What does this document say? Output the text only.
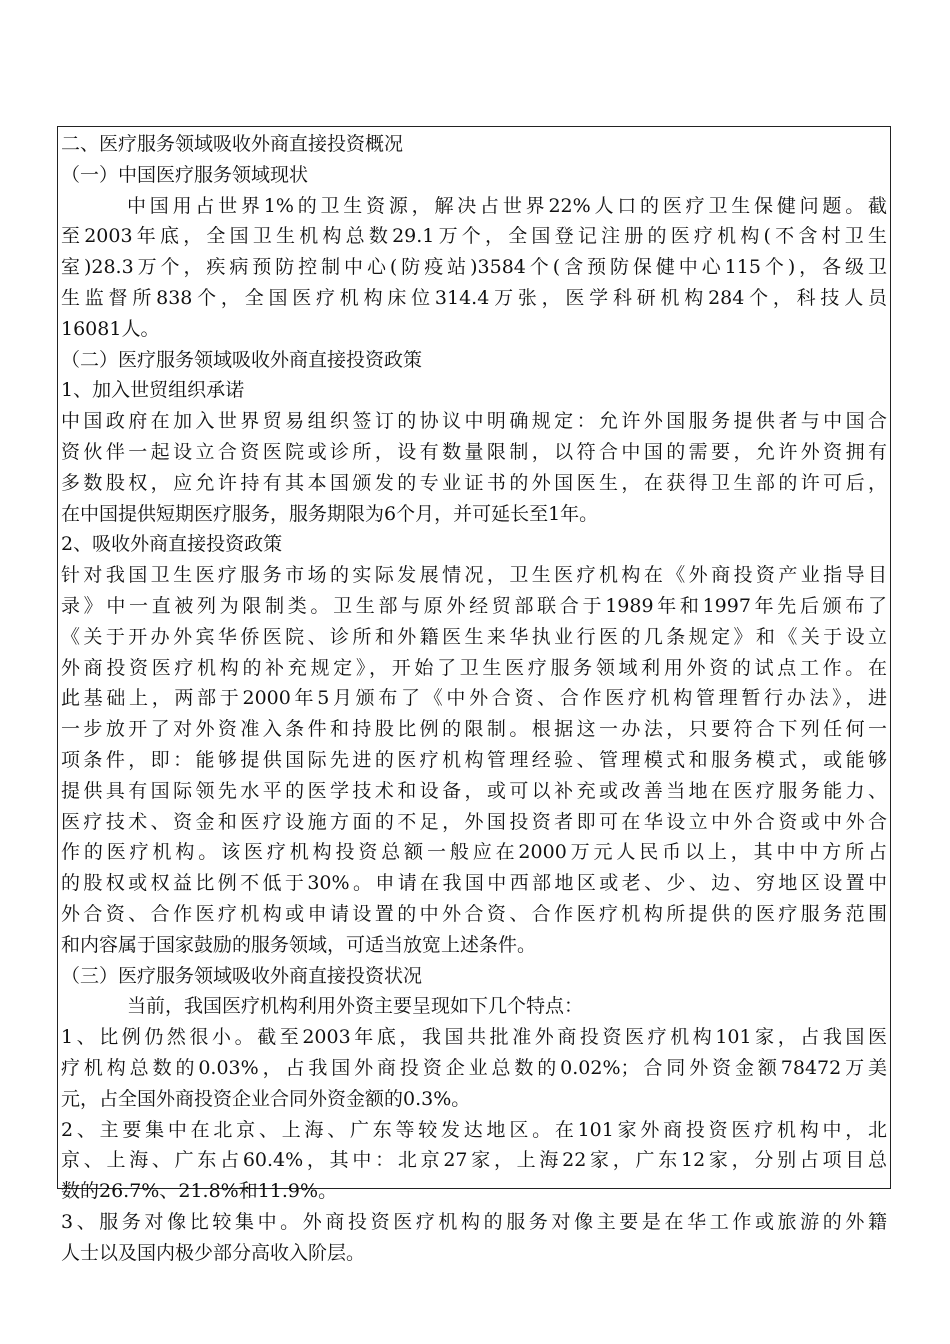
二、医疗服务领域吸收外商直接投资概况
（一）中国医疗服务领域现状
中国用占世界1%的卫生资源，解决占世界22%人口的医疗卫生保健问题。截
至2003年底，全国卫生机构总数29.1万个，全国登记注册的医疗机构(不含村卫生
室)28.3万个，疾病预防控制中心(防疫站)3584个(含预防保健中心115个)，各级卫
生监督所838个，全国医疗机构床位314.4万张，医学科研机构284个，科技人员
16081人。
（二）医疗服务领域吸收外商直接投资政策
1、加入世贸组织承诺
中国政府在加入世界贸易组织签订的协议中明确规定：允许外国服务提供者与中国合
资伙伴一起设立合资医院或诊所，设有数量限制，以符合中国的需要，允许外资拥有
多数股权，应允许持有其本国颁发的专业证书的外国医生，在获得卫生部的许可后，
在中国提供短期医疗服务，服务期限为6个月，并可延长至1年。
2、吸收外商直接投资政策
针对我国卫生医疗服务市场的实际发展情况，卫生医疗机构在《外商投资产业指导目
录》中一直被列为限制类。卫生部与原外经贸部联合于1989年和1997年先后颁布了
《关于开办外宾华侨医院、诊所和外籍医生来华执业行医的几条规定》和《关于设立
外商投资医疗机构的补充规定》，开始了卫生医疗服务领域利用外资的试点工作。在
此基础上，两部于2000年5月颁布了《中外合资、合作医疗机构管理暂行办法》，进
一步放开了对外资准入条件和持股比例的限制。根据这一办法，只要符合下列任何一
项条件，即：能够提供国际先进的医疗机构管理经验、管理模式和服务模式，或能够
提供具有国际领先水平的医学技术和设备，或可以补充或改善当地在医疗服务能力、
医疗技术、资金和医疗设施方面的不足，外国投资者即可在华设立中外合资或中外合
作的医疗机构。该医疗机构投资总额一般应在2000万元人民币以上，其中中方所占
的股权或权益比例不低于30%。申请在我国中西部地区或老、少、边、穷地区设置中
外合资、合作医疗机构或申请设置的中外合资、合作医疗机构所提供的医疗服务范围
和内容属于国家鼓励的服务领域，可适当放宽上述条件。
（三）医疗服务领域吸收外商直接投资状况
当前，我国医疗机构利用外资主要呈现如下几个特点：
1、比例仍然很小。截至2003年底，我国共批准外商投资医疗机构101家，占我国医
疗机构总数的0.03%，占我国外商投资企业总数的0.02%；合同外资金额78472万美
元，占全国外商投资企业合同外资金额的0.3%。
2、主要集中在北京、上海、广东等较发达地区。在101家外商投资医疗机构中，北
京、上海、广东占60.4%，其中：北京27家，上海22家，广东12家，分别占项目总
数的26.7%、21.8%和11.9%。
3、服务对像比较集中。外商投资医疗机构的服务对像主要是在华工作或旅游的外籍
人士以及国内极少部分高收入阶层。
